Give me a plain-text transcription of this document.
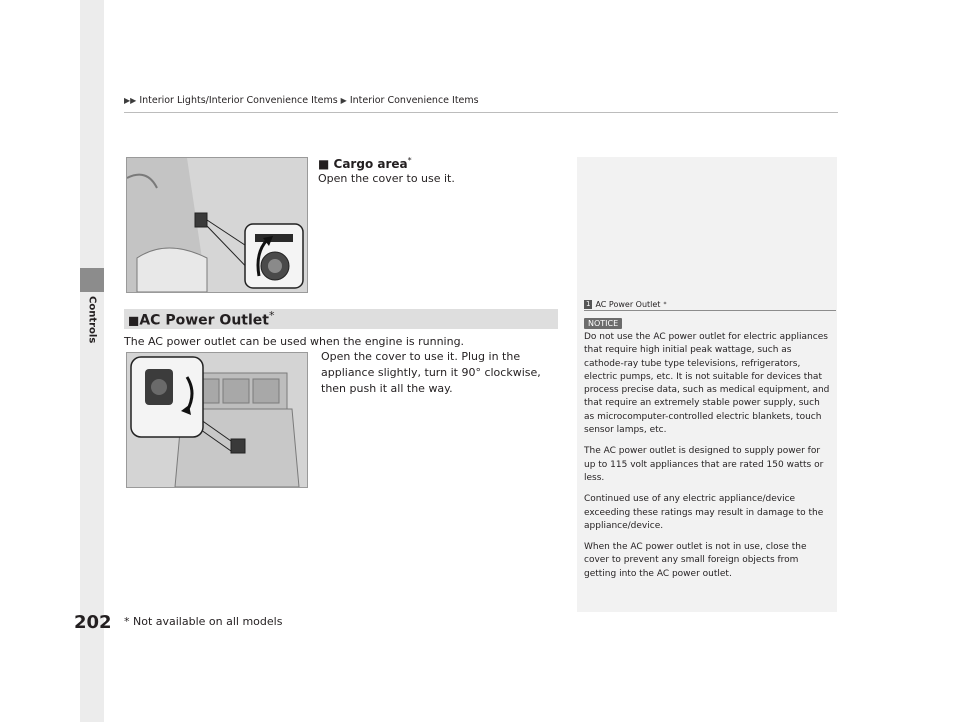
Controls
▶▶ Interior Lights/Interior Convenience Items ▶ Interior Convenience Items
■ Cargo area*
Open the cover to use it.
■AC Power Outlet*
The AC power outlet can be used when the engine is running.
Open the cover to use it. Plug in the appliance slightly, turn it 90° clockwise, then push it all the way.
1 AC Power Outlet *
NOTICE

Do not use the AC power outlet for electric appliances that require high initial peak wattage, such as cathode-ray tube type televisions, refrigerators, electric pumps, etc. It is not suitable for devices that process precise data, such as medical equipment, and that require an extremely stable power supply, such as microcomputer-controlled electric blankets, touch sensor lamps, etc.

The AC power outlet is designed to supply power for up to 115 volt appliances that are rated 150 watts or less.

Continued use of any electric appliance/device exceeding these ratings may result in damage to the appliance/device.

When the AC power outlet is not in use, close the cover to prevent any small foreign objects from getting into the AC power outlet.

202 * Not available on all models
